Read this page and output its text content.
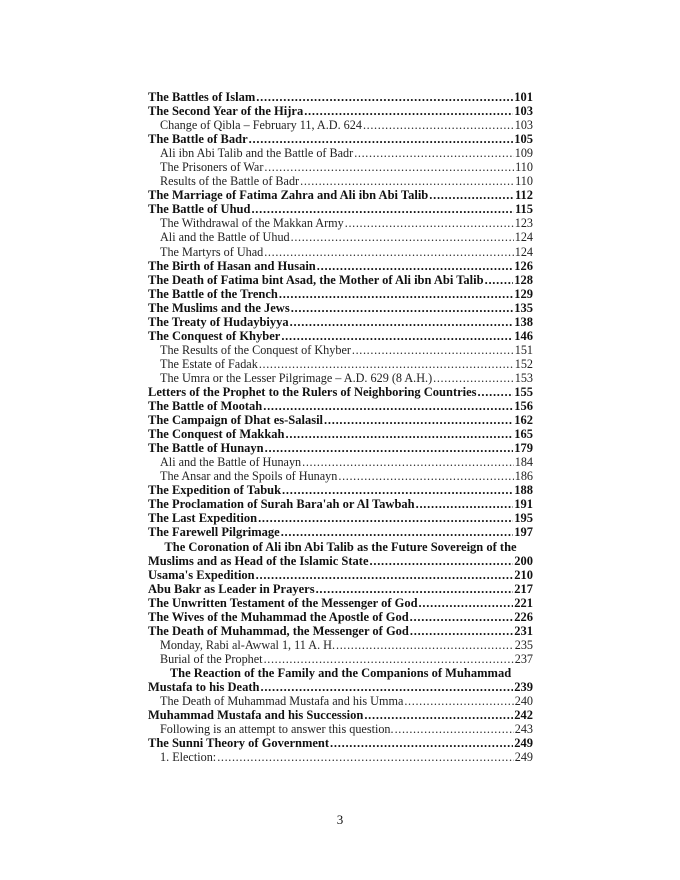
The Battles of Islam . . .	101
The Second Year of the Hijra . . .	103
Change of Qibla – February 11, A.D. 624 . . .	103
The Battle of Badr . . .	105
Ali ibn Abi Talib and the Battle of Badr . . .	109
The Prisoners of War . . .	110
Results of the Battle of Badr . . .	110
The Marriage of Fatima Zahra and Ali ibn Abi Talib . . .	112
The Battle of Uhud . . .	115
The Withdrawal of the Makkan Army . . .	123
Ali and the Battle of Uhud . . .	124
The Martyrs of Uhad . . .	124
The Birth of Hasan and Husain . . .	126
The Death of Fatima bint Asad, the Mother of Ali ibn Abi Talib . . . 128
The Battle of the Trench . . .	129
The Muslims and the Jews . . .	135
The Treaty of Hudaybiyya . . .	138
The Conquest of Khyber . . .	146
The Results of the Conquest of Khyber . . .	151
The Estate of Fadak . . .	152
The Umra or the Lesser Pilgrimage – A.D. 629 (8 A.H.) . . .	153
Letters of the Prophet to the Rulers of Neighboring Countries . . .	155
The Battle of Mootah . . .	156
The Campaign of Dhat es-Salasil . . .	162
The Conquest of Makkah . . .	165
The Battle of Hunayn . . .	179
Ali and the Battle of Hunayn . . .	184
The Ansar and the Spoils of Hunayn . . .	186
The Expedition of Tabuk . . .	188
The Proclamation of Surah Bara'ah or Al Tawbah . . .	191
The Last Expedition . . .	195
The Farewell Pilgrimage . . .	197
The Coronation of Ali ibn Abi Talib as the Future Sovereign of the
Muslims and as Head of the Islamic State . . .	200
Usama's Expedition . . .	210
Abu Bakr as Leader in Prayers . . .	217
The Unwritten Testament of the Messenger of God . . .	221
The Wives of the Muhammad the Apostle of God . . .	226
The Death of Muhammad, the Messenger of God . . .	231
Monday, Rabi al-Awwal 1, 11 A. H. . . .	235
Burial of the Prophet . . .	237
The Reaction of the Family and the Companions of Muhammad
Mustafa to his Death . . .	239
The Death of Muhammad Mustafa and his Umma . . .	240
Muhammad Mustafa and his Succession . . .	242
Following is an attempt to answer this question. . . .	243
The Sunni Theory of Government . . .	249
1. Election: . . .	249
3
